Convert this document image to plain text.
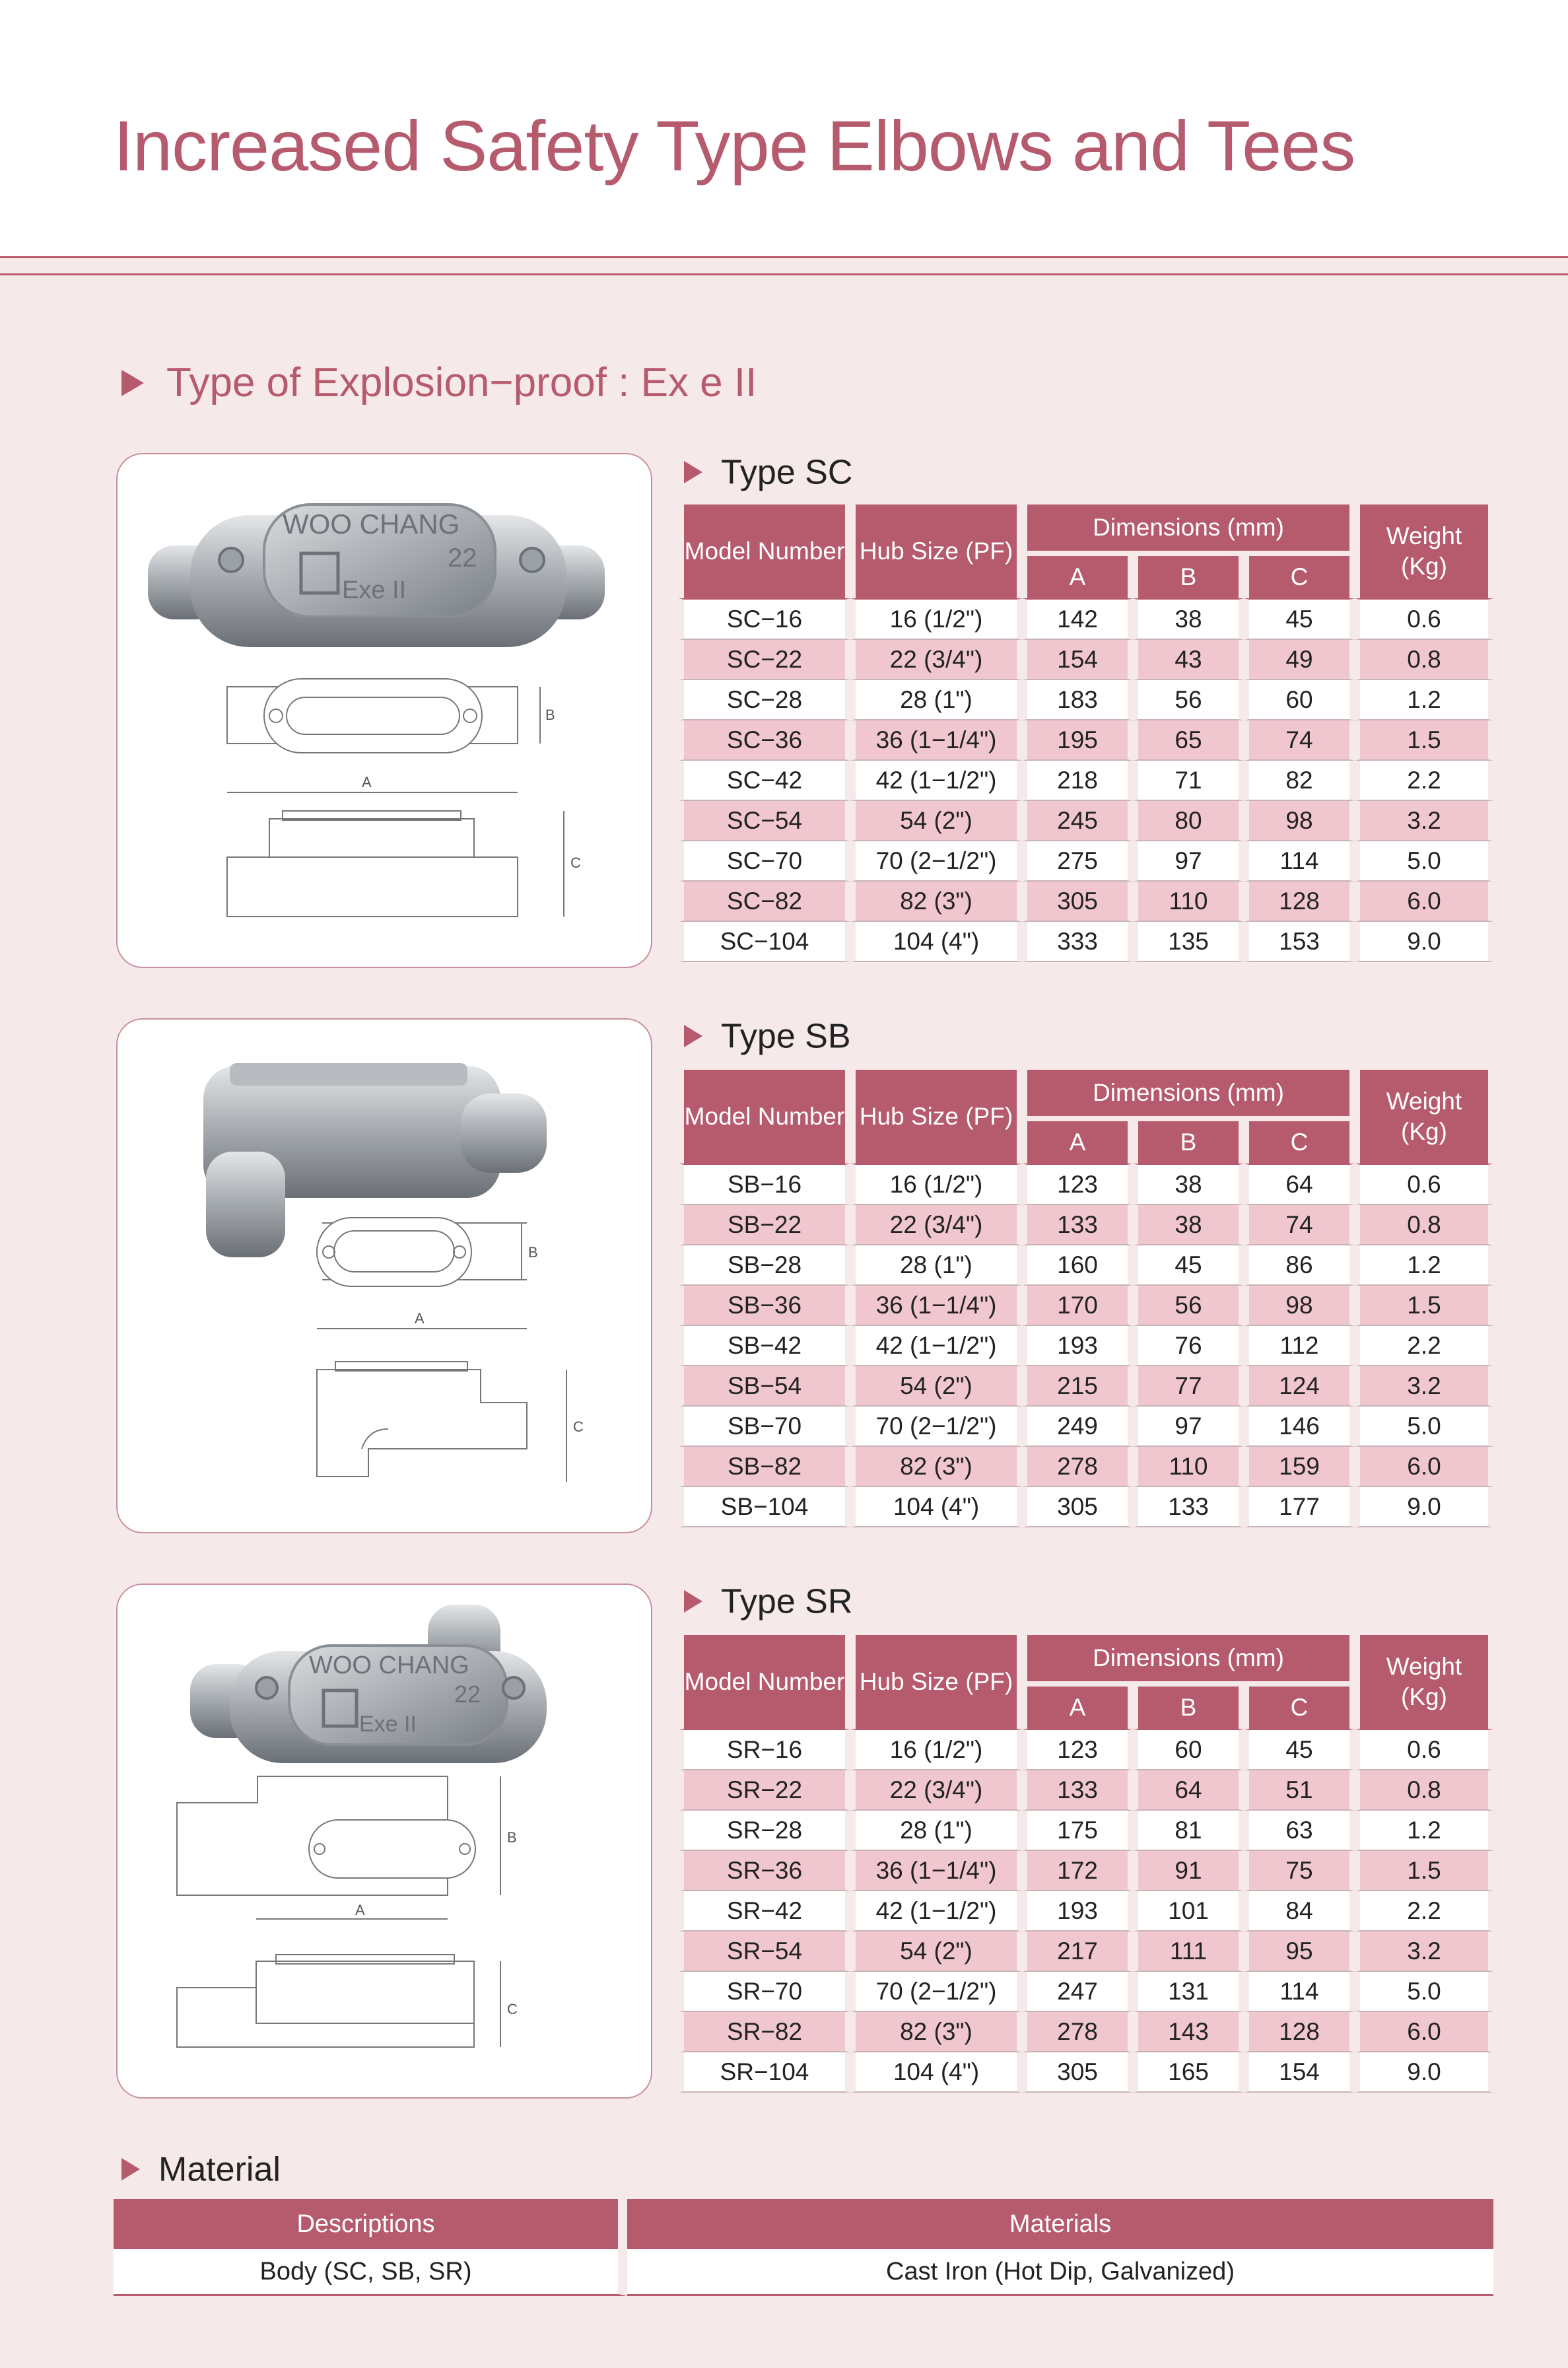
Increased Safety Type Elbows and Tees
Type of Explosion−proof : Ex e II
WOO CHANG
22
Exe II
B
A
C
Type SC
Model Number	Hub Size (PF)	Dimensions (mm)			Weight (Kg)
		A	B	C	
SC−16	16 (1/2")	142	38	45	0.6
SC−22	22 (3/4")	154	43	49	0.8
SC−28	28 (1")	183	56	60	1.2
SC−36	36 (1−1/4")	195	65	74	1.5
SC−42	42 (1−1/2")	218	71	82	2.2
SC−54	54 (2")	245	80	98	3.2
SC−70	70 (2−1/2")	275	97	114	5.0
SC−82	82 (3")	305	110	128	6.0
SC−104	104 (4")	333	135	153	9.0
B
A
C
Type SB
Model Number	Hub Size (PF)	Dimensions (mm)			Weight (Kg)
		A	B	C	
SB−16	16 (1/2")	123	38	64	0.6
SB−22	22 (3/4")	133	38	74	0.8
SB−28	28 (1")	160	45	86	1.2
SB−36	36 (1−1/4")	170	56	98	1.5
SB−42	42 (1−1/2")	193	76	112	2.2
SB−54	54 (2")	215	77	124	3.2
SB−70	70 (2−1/2")	249	97	146	5.0
SB−82	82 (3")	278	110	159	6.0
SB−104	104 (4")	305	133	177	9.0
WOO CHANG
22
Exe II
B
A
C
Type SR
Model Number	Hub Size (PF)	Dimensions (mm)			Weight (Kg)
		A	B	C	
SR−16	16 (1/2")	123	60	45	0.6
SR−22	22 (3/4")	133	64	51	0.8
SR−28	28 (1")	175	81	63	1.2
SR−36	36 (1−1/4")	172	91	75	1.5
SR−42	42 (1−1/2")	193	101	84	2.2
SR−54	54 (2")	217	111	95	3.2
SR−70	70 (2−1/2")	247	131	114	5.0
SR−82	82 (3")	278	143	128	6.0
SR−104	104 (4")	305	165	154	9.0
Material
Descriptions	Materials
Body (SC, SB, SR)	Cast Iron (Hot Dip, Galvanized)
